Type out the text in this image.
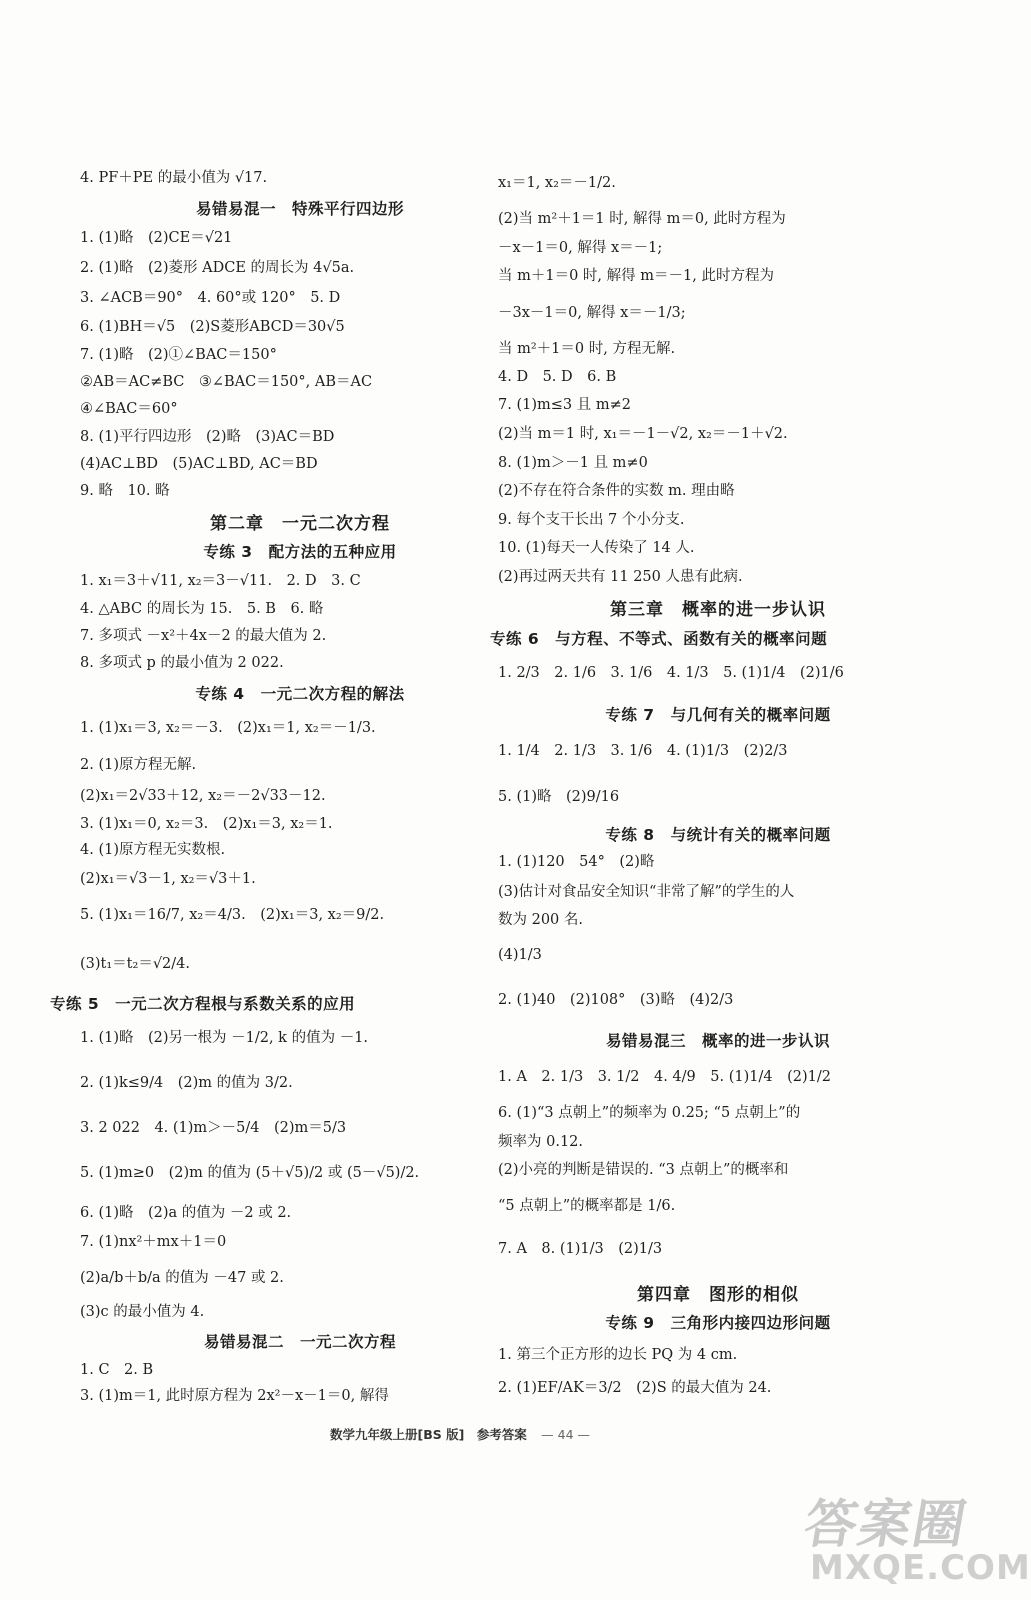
4. PF＋PE 的最小值为 √17.
易错易混一　特殊平行四边形
1. (1)略　(2)CE＝√21
2. (1)略　(2)菱形 ADCE 的周长为 4√5a.
3. ∠ACB＝90°　4. 60°或 120°　5. D
6. (1)BH＝√5　(2)S菱形ABCD＝30√5
7. (1)略　(2)①∠BAC＝150°
②AB＝AC≠BC　③∠BAC＝150°, AB＝AC
④∠BAC＝60°
8. (1)平行四边形　(2)略　(3)AC＝BD
(4)AC⊥BD　(5)AC⊥BD, AC＝BD
9. 略　10. 略
第二章　一元二次方程
专练 3　配方法的五种应用
1. x₁＝3＋√11, x₂＝3－√11.　2. D　3. C
4. △ABC 的周长为 15.　5. B　6. 略
7. 多项式 －x²＋4x－2 的最大值为 2.
8. 多项式 p 的最小值为 2 022.
专练 4　一元二次方程的解法
1. (1)x₁＝3, x₂＝－3.　(2)x₁＝1, x₂＝－1/3.
2. (1)原方程无解.
(2)x₁＝2√33＋12, x₂＝－2√33－12.
3. (1)x₁＝0, x₂＝3.　(2)x₁＝3, x₂＝1.
4. (1)原方程无实数根.
(2)x₁＝√3－1, x₂＝√3＋1.
5. (1)x₁＝16/7, x₂＝4/3.　(2)x₁＝3, x₂＝9/2.
(3)t₁＝t₂＝√2/4.
专练 5　一元二次方程根与系数关系的应用
1. (1)略　(2)另一根为 －1/2, k 的值为 －1.
2. (1)k≤9/4　(2)m 的值为 3/2.
3. 2 022　4. (1)m＞－5/4　(2)m＝5/3
5. (1)m≥0　(2)m 的值为 (5＋√5)/2 或 (5－√5)/2.
6. (1)略　(2)a 的值为 －2 或 2.
7. (1)nx²＋mx＋1＝0
(2)a/b＋b/a 的值为 －47 或 2.
(3)c 的最小值为 4.
易错易混二　一元二次方程
1. C　2. B
3. (1)m＝1, 此时原方程为 2x²－x－1＝0, 解得
x₁＝1, x₂＝－1/2.
(2)当 m²＋1＝1 时, 解得 m＝0, 此时方程为
－x－1＝0, 解得 x＝－1;
当 m＋1＝0 时, 解得 m＝－1, 此时方程为
－3x－1＝0, 解得 x＝－1/3;
当 m²＋1＝0 时, 方程无解.
4. D　5. D　6. B
7. (1)m≤3 且 m≠2
(2)当 m＝1 时, x₁＝－1－√2, x₂＝－1＋√2.
8. (1)m＞－1 且 m≠0
(2)不存在符合条件的实数 m. 理由略
9. 每个支干长出 7 个小分支.
10. (1)每天一人传染了 14 人.
(2)再过两天共有 11 250 人患有此病.
第三章　概率的进一步认识
专练 6　与方程、不等式、函数有关的概率问题
1. 2/3　2. 1/6　3. 1/6　4. 1/3　5. (1)1/4　(2)1/6
专练 7　与几何有关的概率问题
1. 1/4　2. 1/3　3. 1/6　4. (1)1/3　(2)2/3
5. (1)略　(2)9/16
专练 8　与统计有关的概率问题
1. (1)120　54°　(2)略
(3)估计对食品安全知识“非常了解”的学生的人
数为 200 名.
(4)1/3
2. (1)40　(2)108°　(3)略　(4)2/3
易错易混三　概率的进一步认识
1. A　2. 1/3　3. 1/2　4. 4/9　5. (1)1/4　(2)1/2
6. (1)“3 点朝上”的频率为 0.25; “5 点朝上”的
频率为 0.12.
(2)小亮的判断是错误的. “3 点朝上”的概率和
“5 点朝上”的概率都是 1/6.
7. A　8. (1)1/3　(2)1/3
第四章　图形的相似
专练 9　三角形内接四边形问题
1. 第三个正方形的边长 PQ 为 4 cm.
2. (1)EF/AK＝3/2　(2)S 的最大值为 24.
数学九年级上册[BS 版]　参考答案 — 44 —
答案圈
MXQE.COM
